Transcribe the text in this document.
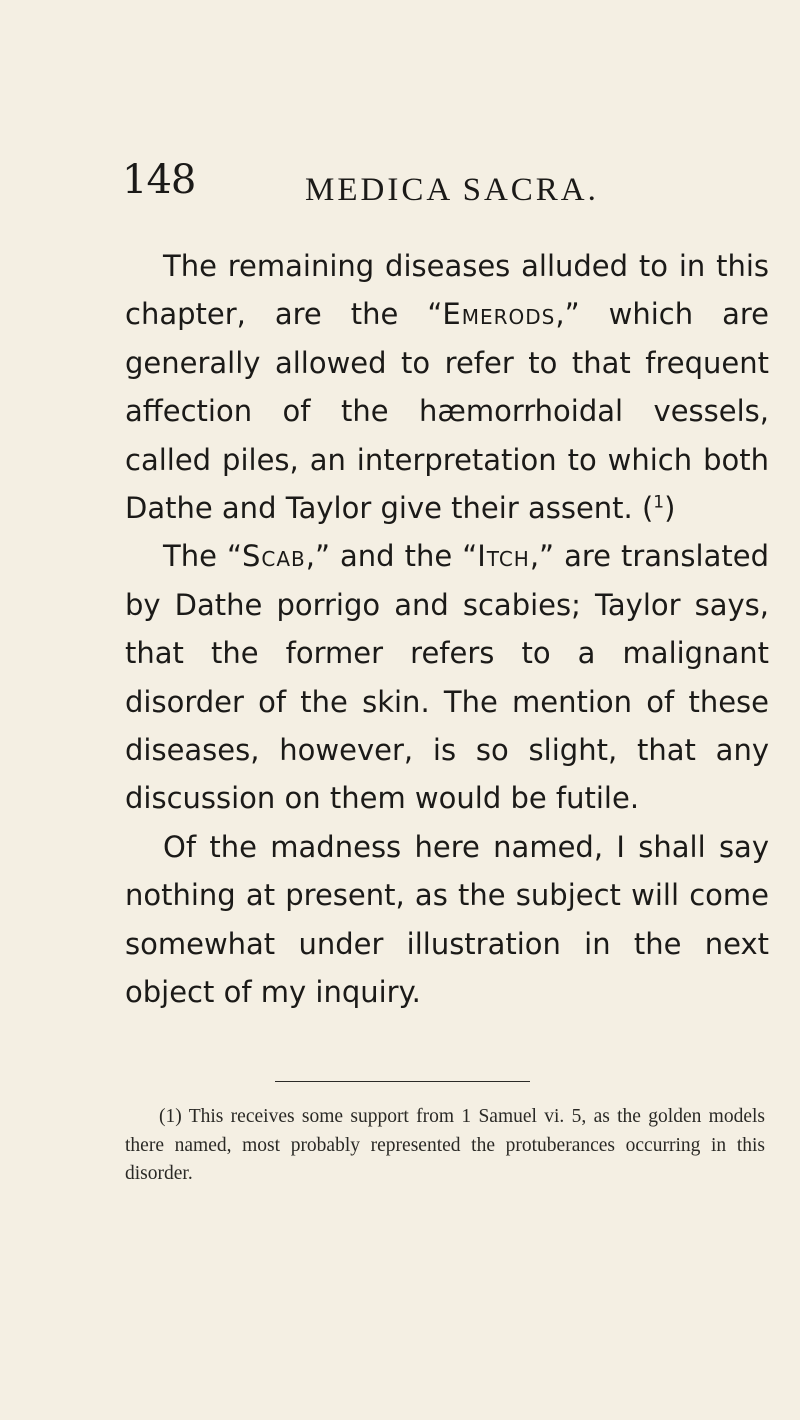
148	MEDICA SACRA.

The remaining diseases alluded to in this chapter, are the “Emerods,” which are generally allowed to refer to that frequent affection of the hæmorrhoidal vessels, called piles, an interpretation to which both Dathe and Taylor give their assent. ($^1$)

The “Scab,” and the “Itch,” are translated by Dathe porrigo and scabies; Taylor says, that the former refers to a malignant disorder of the skin. The mention of these diseases, however, is so slight, that any discussion on them would be futile.

Of the madness here named, I shall say nothing at present, as the subject will come somewhat under illustration in the next object of my inquiry.

(1) This receives some support from 1 Samuel vi. 5, as the golden models there named, most probably represented the protuberances occurring in this disorder.
